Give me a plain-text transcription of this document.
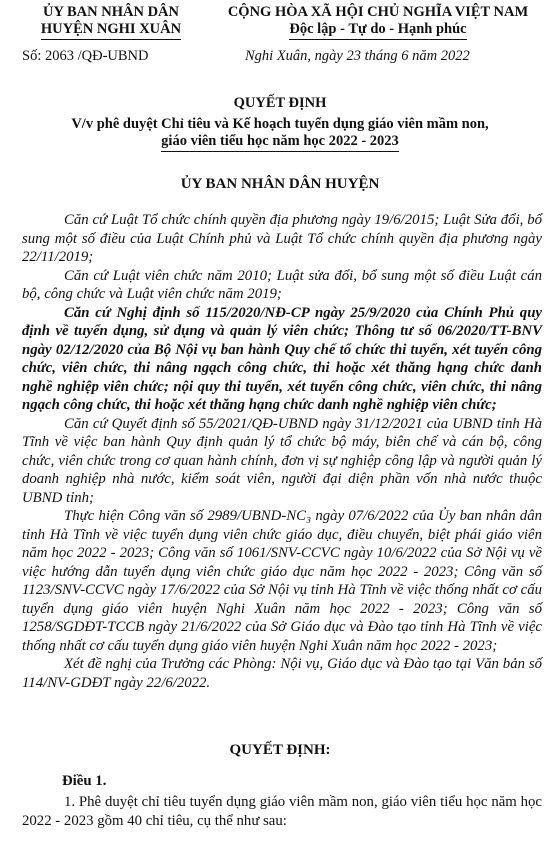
ỦY BAN NHÂN DÂN
HUYỆN NGHI XUÂN
CỘNG HÒA XÃ HỘI CHỦ NGHĨA VIỆT NAM
Độc lập - Tự do - Hạnh phúc
Số: 2063 /QĐ-UBND	Nghi Xuân, ngày 23 tháng 6 năm 2022
QUYẾT ĐỊNH
V/v phê duyệt Chỉ tiêu và Kế hoạch tuyển dụng giáo viên mầm non,
giáo viên tiểu học năm học 2022 - 2023
ỦY BAN NHÂN DÂN HUYỆN

Căn cứ Luật Tổ chức chính quyền địa phương ngày 19/6/2015; Luật Sửa đổi, bổ sung một số điều của Luật Chính phủ và Luật Tổ chức chính quyền địa phương ngày 22/11/2019;

Căn cứ Luật viên chức năm 2010; Luật sửa đổi, bổ sung một số điều Luật cán bộ, công chức và Luật viên chức năm 2019;

Căn cứ Nghị định số 115/2020/NĐ-CP ngày 25/9/2020 của Chính Phủ quy định về tuyển dụng, sử dụng và quản lý viên chức; Thông tư số 06/2020/TT-BNV ngày 02/12/2020 của Bộ Nội vụ ban hành Quy chế tổ chức thi tuyển, xét tuyển công chức, viên chức, thi nâng ngạch công chức, thi hoặc xét thăng hạng chức danh nghề nghiệp viên chức; nội quy thi tuyển, xét tuyển công chức, viên chức, thi nâng ngạch công chức, thi hoặc xét thăng hạng chức danh nghề nghiệp viên chức;

Căn cứ Quyết định số 55/2021/QĐ-UBND ngày 31/12/2021 của UBND tỉnh Hà Tĩnh về việc ban hành Quy định quản lý tổ chức bộ máy, biên chế và cán bộ, công chức, viên chức trong cơ quan hành chính, đơn vị sự nghiệp công lập và người quản lý doanh nghiệp nhà nước, kiểm soát viên, người đại diện phần vốn nhà nước thuộc UBND tỉnh;

Thực hiện Công văn số 2989/UBND-NC₃ ngày 07/6/2022 của Ủy ban nhân dân tỉnh Hà Tĩnh về việc tuyển dụng viên chức giáo dục, điều chuyển, biệt phái giáo viên năm học 2022 - 2023; Công văn số 1061/SNV-CCVC ngày 10/6/2022 của Sở Nội vụ về việc hướng dẫn tuyển dụng viên chức giáo dục năm học 2022 - 2023; Công văn số 1123/SNV-CCVC ngày 17/6/2022 của Sở Nội vụ tỉnh Hà Tĩnh về việc thống nhất cơ cấu tuyển dụng giáo viên huyện Nghi Xuân năm học 2022 - 2023; Công văn số 1258/SGDĐT-TCCB ngày 21/6/2022 của Sở Giáo dục và Đào tạo tỉnh Hà Tĩnh về việc thống nhất cơ cấu tuyển dụng giáo viên huyện Nghi Xuân năm học 2022 - 2023;

Xét đề nghị của Trưởng các Phòng: Nội vụ, Giáo dục và Đào tạo tại Văn bản số 114/NV-GDĐT ngày 22/6/2022.

QUYẾT ĐỊNH:
Điều 1.

1. Phê duyệt chỉ tiêu tuyển dụng giáo viên mầm non, giáo viên tiểu học năm học 2022 - 2023 gồm 40 chỉ tiêu, cụ thể như sau:
